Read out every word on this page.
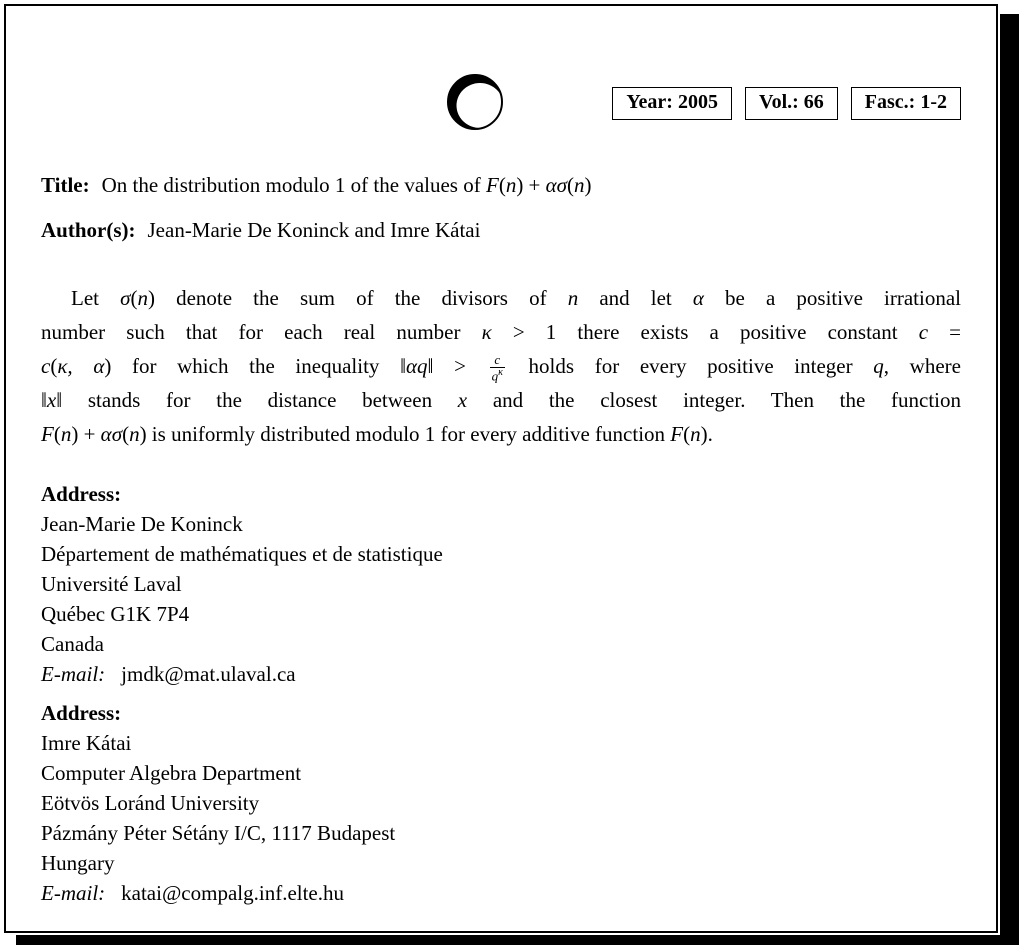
Year: 2005	Vol.: 66	Fasc.: 1-2
Title: On the distribution modulo 1 of the values of F(n) + ασ(n)
Author(s): Jean-Marie De Koninck and Imre Kátai
Let σ(n) denote the sum of the divisors of n and let α be a positive irrational
number such that for each real number κ > 1 there exists a positive constant c =
c(κ, α) for which the inequality ‖αq‖ > $\frac{c}{q^\kappa}$ holds for every positive integer q, where
‖x‖ stands for the distance between x and the closest integer. Then the function
F(n) + ασ(n) is uniformly distributed modulo 1 for every additive function F(n).
Address:
Jean-Marie De Koninck
Département de mathématiques et de statistique
Université Laval
Québec G1K 7P4
Canada
E-mail: jmdk@mat.ulaval.ca
Address:
Imre Kátai
Computer Algebra Department
Eötvös Loránd University
Pázmány Péter Sétány I/C, 1117 Budapest
Hungary
E-mail: katai@compalg.inf.elte.hu
